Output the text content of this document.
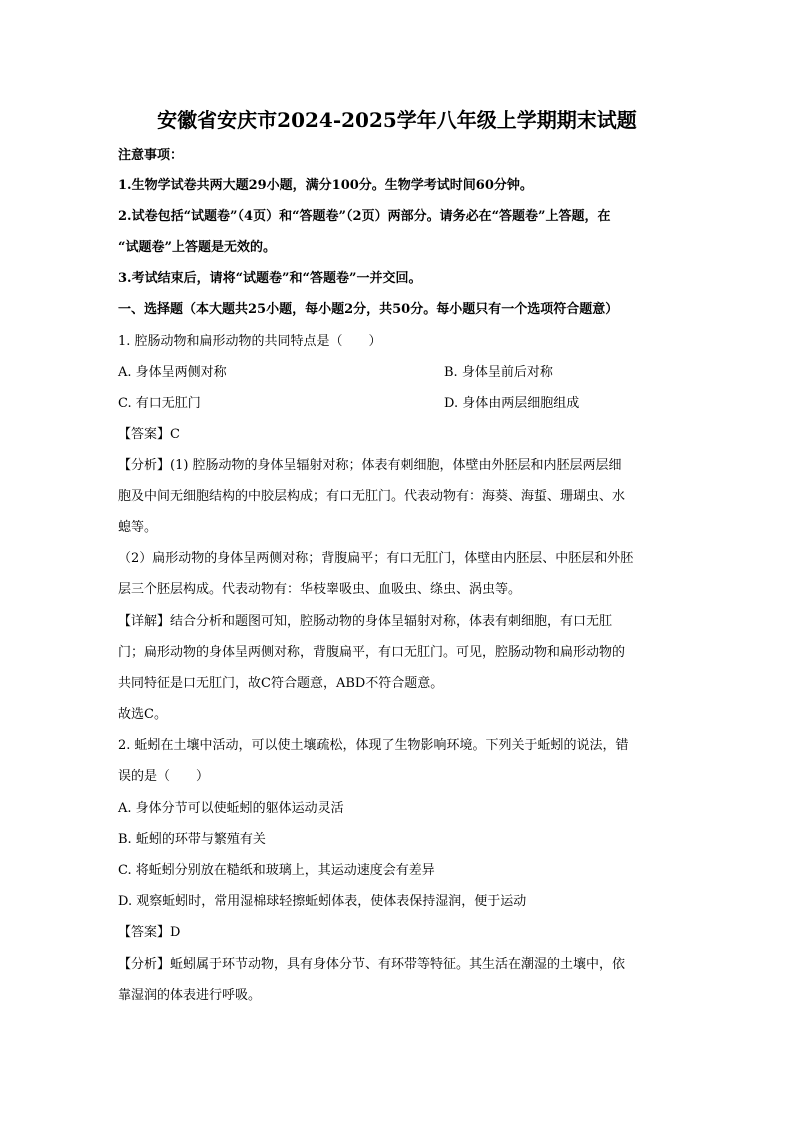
安徽省安庆市2024-2025学年八年级上学期期末试题
注意事项：
1.生物学试卷共两大题29小题，满分100分。生物学考试时间60分钟。
2.试卷包括“试题卷”（4页）和“答题卷”（2页）两部分。请务必在“答题卷”上答题，在
“试题卷”上答题是无效的。
3.考试结束后，请将“试题卷”和“答题卷”一并交回。
一、选择题（本大题共25小题，每小题2分，共50分。每小题只有一个选项符合题意）
1. 腔肠动物和扁形动物的共同特点是（　　）
A. 身体呈两侧对称	B. 身体呈前后对称
C. 有口无肛门	D. 身体由两层细胞组成
【答案】C
【分析】(1) 腔肠动物的身体呈辐射对称；体表有刺细胞，体壁由外胚层和内胚层两层细
胞及中间无细胞结构的中胶层构成；有口无肛门。代表动物有：海葵、海蜇、珊瑚虫、水
螅等。
（2）扁形动物的身体呈两侧对称；背腹扁平；有口无肛门，体壁由内胚层、中胚层和外胚
层三个胚层构成。代表动物有：华枝睾吸虫、血吸虫、绦虫、涡虫等。
【详解】结合分析和题图可知，腔肠动物的身体呈辐射对称，体表有刺细胞，有口无肛
门；扁形动物的身体呈两侧对称，背腹扁平，有口无肛门。可见，腔肠动物和扁形动物的
共同特征是口无肛门，故C符合题意，ABD不符合题意。
故选C。
2. 蚯蚓在土壤中活动，可以使土壤疏松，体现了生物影响环境。下列关于蚯蚓的说法，错
误的是（　　）
A. 身体分节可以使蚯蚓的躯体运动灵活
B. 蚯蚓的环带与繁殖有关
C. 将蚯蚓分别放在糙纸和玻璃上，其运动速度会有差异
D. 观察蚯蚓时，常用湿棉球轻擦蚯蚓体表，使体表保持湿润，便于运动
【答案】D
【分析】蚯蚓属于环节动物，具有身体分节、有环带等特征。其生活在潮湿的土壤中，依
靠湿润的体表进行呼吸。
